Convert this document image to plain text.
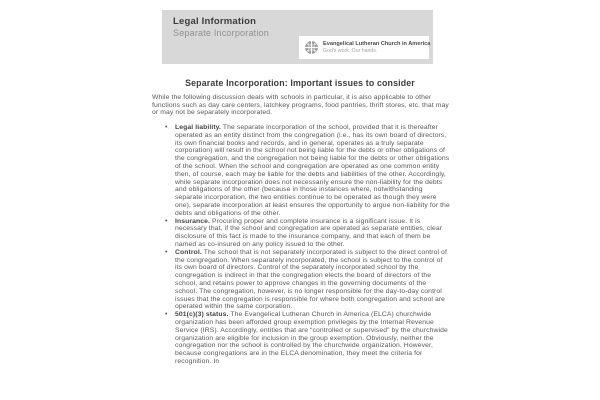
Legal Information
Separate Incorporation
Evangelical Lutheran Church in America
God's work. Our hands.
Separate Incorporation: Important issues to consider

While the following discussion deals with schools in particular, it is also applicable to other functions such as day care centers, latchkey programs, food pantries, thrift stores, etc. that may or may not be separately incorporated.

• Legal liability. The separate incorporation of the school, provided that it is thereafter operated as an entity distinct from the congregation (i.e., has its own board of directors, its own financial books and records, and in general, operates as a truly separate corporation) will result in the school not being liable for the debts or other obligations of the congregation, and the congregation not being liable for the debts or other obligations of the school. When the school and congregation are operated as one common entity then, of course, each may be liable for the debts and liabilities of the other. Accordingly, while separate incorporation does not necessarily ensure the non-liability for the debts and obligations of the other (because in those instances where, notwithstanding separate incorporation, the two entities continue to be operated as though they were one), separate incorporation at least ensures the opportunity to argue non-liability for the debts and obligations of the other.
• Insurance. Procuring proper and complete insurance is a significant issue. It is necessary that, if the school and congregation are operated as separate entities, clear disclosure of this fact is made to the insurance company, and that each of them be named as co-insured on any policy issued to the other.
• Control. The school that is not separately incorporated is subject to the direct control of the congregation. When separately incorporated, the school is subject to the control of its own board of directors. Control of the separately incorporated school by the congregation is indirect in that the congregation elects the board of directors of the school, and retains power to approve changes in the governing documents of the school. The congregation, however, is no longer responsible for the day-to-day control issues that the congregation is responsible for where both congregation and school are operated within the same corporation.
• 501(c)(3) status. The Evangelical Lutheran Church in America (ELCA) churchwide organization has been afforded group exemption privileges by the Internal Revenue Service (IRS). Accordingly, entities that are “controlled or supervised” by the churchwide organization are eligible for inclusion in the group exemption. Obviously, neither the congregation nor the school is controlled by the churchwide organization. However, because congregations are in the ELCA denomination, they meet the criteria for recognition. In
